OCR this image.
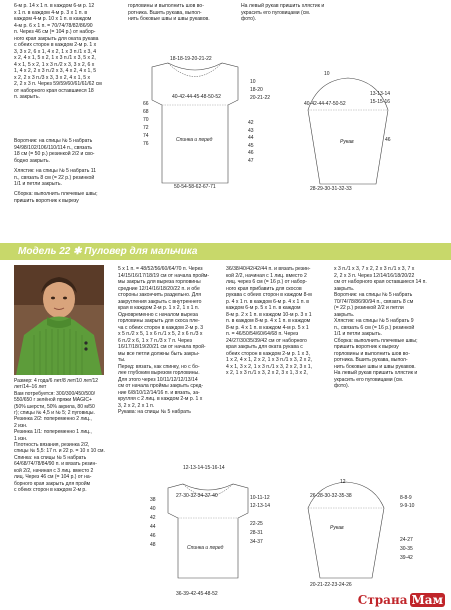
6-м р. 14 х 1 п. в каждом 6-м р. 12
х 1 п. в каждом 4-м р. 3 х 1 п. в
каждом 4-м р. 10 х 1 п. в каждом
4-м р. 6 х 1 п. = 70/74/78/82/86/90
п. Через 46 см (= 104 р.) от набор-
ного края закрыть для оката рукава
с обеих сторон в каждом 2-м р. 1 х
3, 3 х 2, 6 х 1, 4 х 2, 1 х 3 п./1 х 3, 4
х 2, 4 х 1, 5 х 2, 1 х 3 п./1 х 3, 5 х 2,
4 х 1, 5 х 2, 1 х 3 п./2 х 3, 3 х 2, 6 х
1, 4 х 2, 2 х 3 п./2 х 3, 4 х 2, 4 х 1, 5
х 2, 2 х 3 п./3 х 3, 3 х 2, 4 х 1, 5 х
2, 2 х 3 п. Через 59/59/60/61/61/62 см
от наборного края оставшиеся 18
п. закрыть.
Воротник: на спицы № 5 набрать
94/98/102/106/110/114 п., связать
18 см (= 50 р.) резинкой 2/2 и сво-
бодно закрыть.
Хлястик: на спицы № 5 набрать 11
п., связать 8 см (= 22 р.) резинкой
1/1 и петли закрыть.
Сборка: выполнить плечевые швы;
пришить воротник к вырезу
горловины и выполнить шов во-
ротника. Вшить рукава, выпол-
нить боковые швы и швы рукавов.
На левый рукав пришить хлястик и
украсить его пуговицами (см.
фото).
18-18-19-20-21-22
66
68
70
72
74
76
42
43
44
45
46
47
40-42-44-45-48-50-52
Спинка и перед
50-54-58-62-67-71
10
18-20
20-21-22
10
40-42-44-47-50-52
13-13-14
15-15-16
46
Рукав
28-29-30-31-32-33
Модель 22 ✱ Пуловер для мальчика
Размер: 4 года/6 лет/8 лет/10 лет/12
лет/14–16 лет
Вам потребуется: 300/300/450/500/
550/650 г зелёной пряжи MAGIC+
(50% шерсти, 50% акрила, 80 м/50
г); спицы № 4,5 и № 5; 2 пуговицы.
Резинка 2/2: попеременно 2 лиц.,
2 изн.
Резинка 1/1: попеременно 1 лиц.,
1 изн.
Плотность вязания, резинка 2/2,
спицы № 5,5: 17 п. и 22 р. = 10 х 10 см.
Спинка: на спицы № 5 набрать
64/68/74/78/84/90 п. и вязать резин-
кой 2/2, начиная с 3 лиц. вместо 2
лиц. Через 46 см (= 104 р.) от на-
борного края закрыть для пройм
с обеих сторон в каждом 2-м р.
5 х 1 п. = 48/52/56/60/64/70 п. Через
14/15/16/17/18/19 см от начала пройм-
мы закрыть для выреза горловины
средние 12/14/16/18/20/22 п. и обе
стороны закончить раздельно. Для
закругления закрыть с внутреннего
края в каждом 2-м р. 1 х 2, 1 х 1 п.
Одновременно с началом выреза
горловины закрыть для скоса пле-
ча с обеих сторон в каждом 2-м р. 3
х 5 п./2 х 5, 1 х 6 п./1 х 5, 2 х 6 п./3 х
6 п./2 х 6, 1 х 7 п./3 х 7 п. Через
16/17/18/19/20/21 см от начала прой-
мы все петли должны быть закры-
ты.
Перед: вязать, как спинку, но с бо-
лее глубоким вырезом горловины.
Для этого через 10/11/12/12/13/14
см от начала проймы закрыть сред-
ние 6/8/10/12/14/16 п. и вязать, за-
кругляя с 2 лиц. в каждом 2-м р. 1 х
3, 2 х 2, 2 х 1 п.
Рукава: на спицы № 5 набрать
36/38/40/42/42/44 п. и вязать резин-
кой 2/2, начиная с 1 лиц. вместо 2
лиц. через 6 см (= 16 р.) от набор-
ного края прибавить для скосов
рукава с обеих сторон в каждом 8-м
р. 4 х 1 п. в каждом 6-м р. 4 х 1 п. в
каждом 6-м р. 5 х 1 п. в каждом
8-м р. 2 х 1 п. в каждом 10-м р. 3 х 1
п. в каждом 8-м р. 4 х 1 п. в каждом
8-м р. 4 х 1 п. в каждом 4-м р. 5 х 1
п. = 46/50/54/60/64/68 п. Через
24/27/30/35/39/42 см от наборного
края закрыть для оката рукава с
обеих сторон в каждом 2-м р. 1 х 3,
1 х 2, 4 х 1, 2 х 2, 1 х 3 п./1 х 3, 2 х 2,
4 х 1, 3 х 2, 1 х 3 п./1 х 3, 2 х 2, 3 х 1,
х 2, 1 х 3 п./1 х 3, 2 х 2, 3 х 1, 3 х 2,
х 3 п./1 х 3, 7 х 2, 2 х 3 п./1 х 3, 7 х
2, 2 х 3 п. Через 12/14/16/18/20/22
см от наборного края оставшиеся 14 п.
закрыть.
Воротник: на спицы № 5 набрать
70/74/78/86/90/94 п., связать 8 см
(= 22 р.) резинкой 2/2 и петли
закрыть.
Хлястик: на спицы № 5 набрать 9
п., связать 6 см (= 16 р.) резинкой
1/1 и петли закрыть.
Сборка: выполнить плечевые швы;
пришить воротник к вырезу
горловины и выполнить шов во-
ротника. Вшить рукава, выпол-
нить боковые швы и швы рукавов.
На левый рукав пришить хлястик и
украсить его пуговицами (см.
фото).
12-13-14-15-16-14
38
40
42
44
46
48
27-30-32-34-37-40	10-11-12
12-13-14
22-25
28-31
34-37
Спинка и перед
36-39-42-45-48-52
12
26-28-30-32-35-38	8-8-9
9-9-10
24-27
30-35
39-42
Рукав
20-21-22-23-24-26
Страна Мам
